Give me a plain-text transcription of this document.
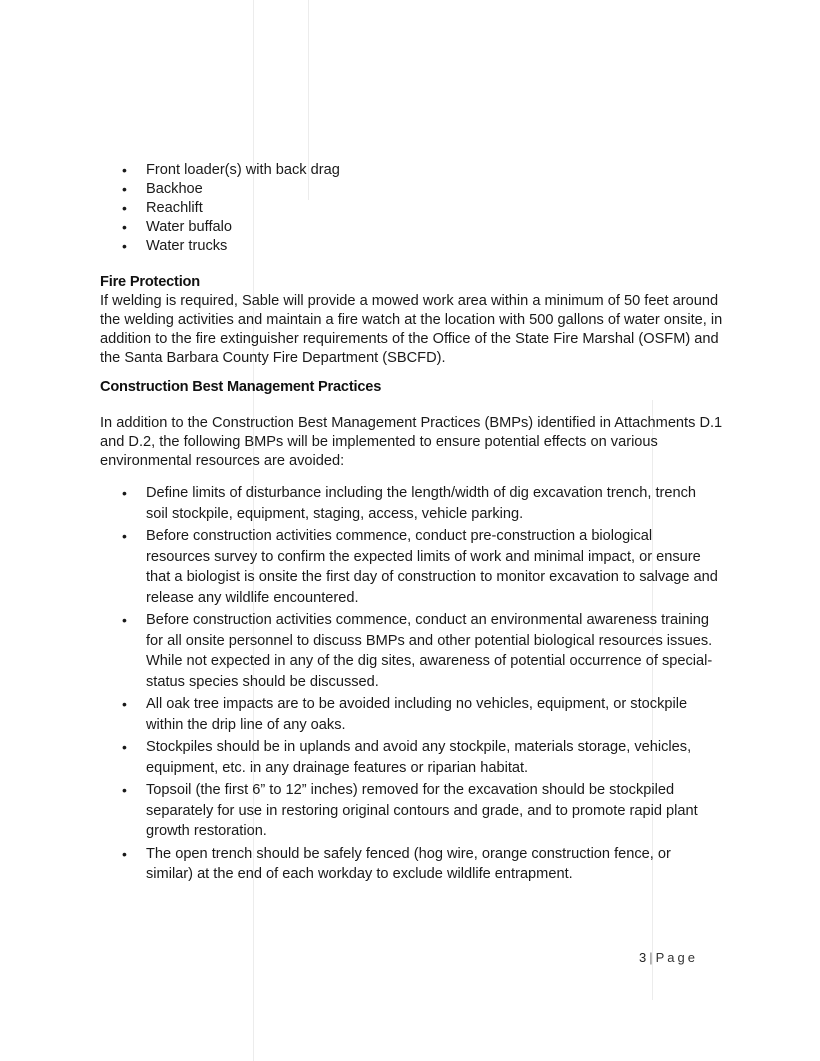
• Front loader(s) with back drag
• Backhoe
• Reachlift
• Water buffalo
• Water trucks
Fire Protection
If welding is required, Sable will provide a mowed work area within a minimum of 50 feet around the welding activities and maintain a fire watch at the location with 500 gallons of water onsite, in addition to the fire extinguisher requirements of the Office of the State Fire Marshal (OSFM) and the Santa Barbara County Fire Department (SBCFD).
Construction Best Management Practices
In addition to the Construction Best Management Practices (BMPs) identified in Attachments D.1 and D.2, the following BMPs will be implemented to ensure potential effects on various environmental resources are avoided:
• Define limits of disturbance including the length/width of dig excavation trench, trench soil stockpile, equipment, staging, access, vehicle parking.
• Before construction activities commence, conduct pre-construction a biological resources survey to confirm the expected limits of work and minimal impact, or ensure that a biologist is onsite the first day of construction to monitor excavation to salvage and release any wildlife encountered.
• Before construction activities commence, conduct an environmental awareness training for all onsite personnel to discuss BMPs and other potential biological resources issues. While not expected in any of the dig sites, awareness of potential occurrence of special-status species should be discussed.
• All oak tree impacts are to be avoided including no vehicles, equipment, or stockpile within the drip line of any oaks.
• Stockpiles should be in uplands and avoid any stockpile, materials storage, vehicles, equipment, etc. in any drainage features or riparian habitat.
• Topsoil (the first 6” to 12” inches) removed for the excavation should be stockpiled separately for use in restoring original contours and grade, and to promote rapid plant growth restoration.
• The open trench should be safely fenced (hog wire, orange construction fence, or similar) at the end of each workday to exclude wildlife entrapment.
3 | Page
